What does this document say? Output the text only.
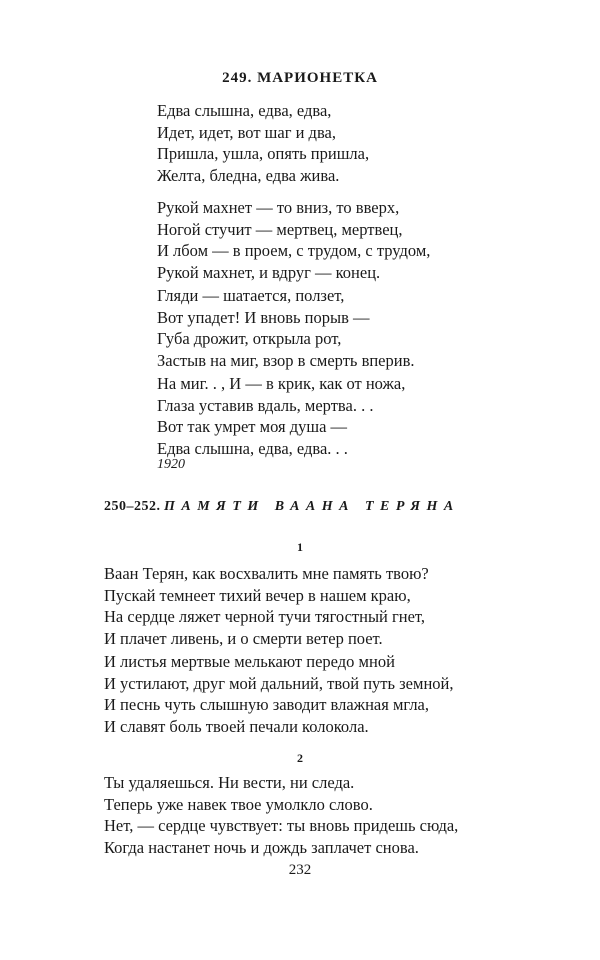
249. МАРИОНЕТКА
Едва слышна, едва, едва,
Идет, идет, вот шаг и два,
Пришла, ушла, опять пришла,
Желта, бледна, едва жива.
Рукой махнет — то вниз, то вверх,
Ногой стучит — мертвец, мертвец,
И лбом — в проем, с трудом, с трудом,
Рукой махнет, и вдруг — конец.
Гляди — шатается, ползет,
Вот упадет! И вновь порыв —
Губа дрожит, открыла рот,
Застыв на миг, взор в смерть вперив.
На миг. . , И — в крик, как от ножа,
Глаза уставив вдаль, мертва. . .
Вот так умрет моя душа —
Едва слышна, едва, едва. . .
1920
250–252. ПАМЯТИ ВААНА ТЕРЯНА
1
Ваан Терян, как восхвалить мне память твою?
Пускай темнеет тихий вечер в нашем краю,
На сердце ляжет черной тучи тягостный гнет,
И плачет ливень, и о смерти ветер поет.
И листья мертвые мелькают передо мной
И устилают, друг мой дальний, твой путь земной,
И песнь чуть слышную заводит влажная мгла,
И славят боль твоей печали колокола.
2
Ты удаляешься. Ни вести, ни следа.
Теперь уже навек твое умолкло слово.
Нет, — сердце чувствует: ты вновь придешь сюда,
Когда настанет ночь и дождь заплачет снова.
232
